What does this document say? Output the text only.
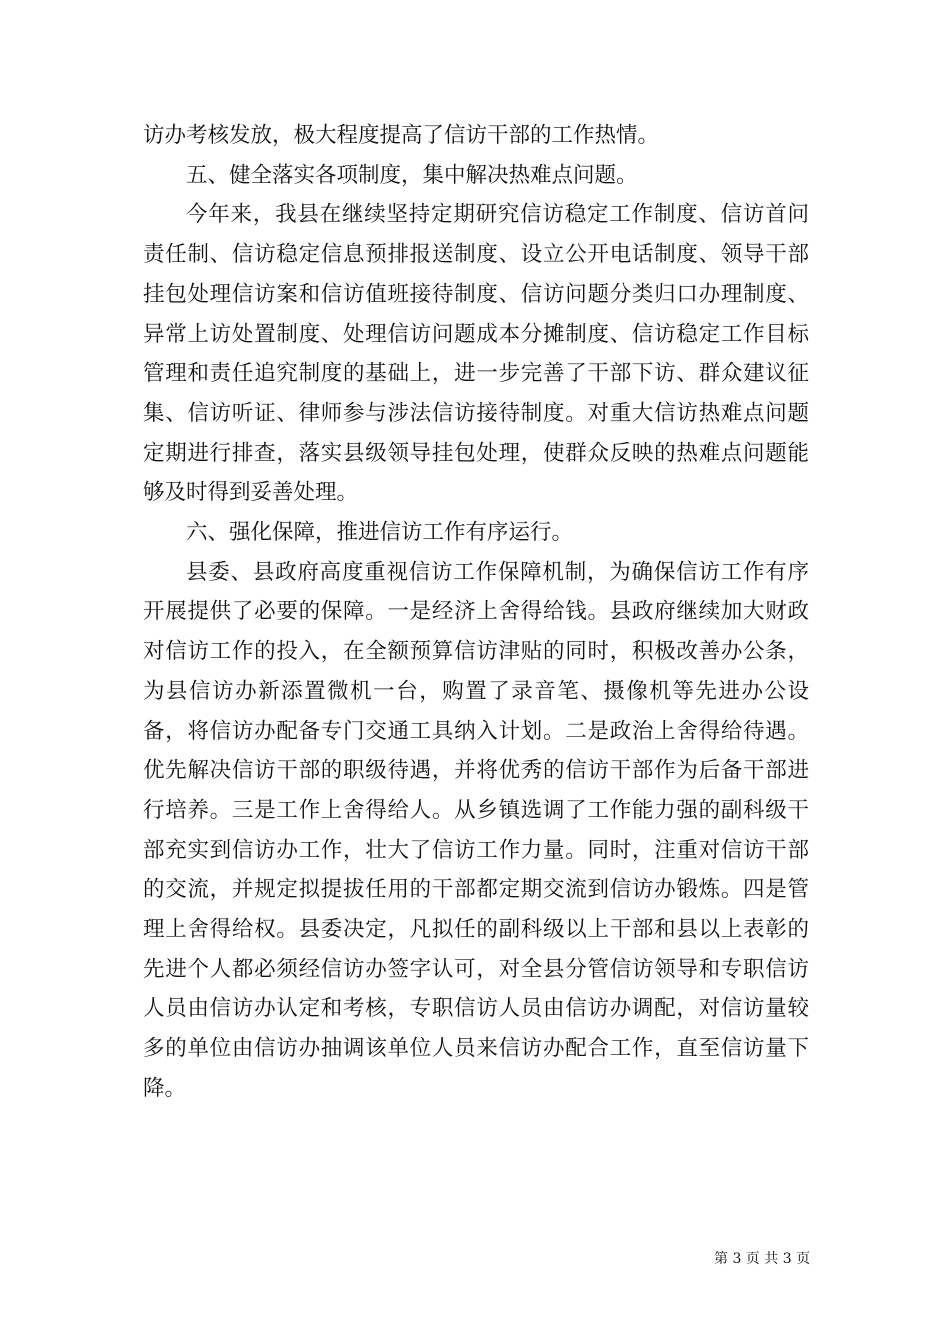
访办考核发放，极大程度提高了信访干部的工作热情。

五、健全落实各项制度，集中解决热难点问题。

今年来，我县在继续坚持定期研究信访稳定工作制度、信访首问责任制、信访稳定信息预排报送制度、设立公开电话制度、领导干部挂包处理信访案和信访值班接待制度、信访问题分类归口办理制度、异常上访处置制度、处理信访问题成本分摊制度、信访稳定工作目标管理和责任追究制度的基础上，进一步完善了干部下访、群众建议征集、信访听证、律师参与涉法信访接待制度。对重大信访热难点问题定期进行排查，落实县级领导挂包处理，使群众反映的热难点问题能够及时得到妥善处理。

六、强化保障，推进信访工作有序运行。

县委、县政府高度重视信访工作保障机制，为确保信访工作有序开展提供了必要的保障。一是经济上舍得给钱。县政府继续加大财政对信访工作的投入，在全额预算信访津贴的同时，积极改善办公条，为县信访办新添置微机一台，购置了录音笔、摄像机等先进办公设备，将信访办配备专门交通工具纳入计划。二是政治上舍得给待遇。优先解决信访干部的职级待遇，并将优秀的信访干部作为后备干部进行培养。三是工作上舍得给人。从乡镇选调了工作能力强的副科级干部充实到信访办工作，壮大了信访工作力量。同时，注重对信访干部的交流，并规定拟提拔任用的干部都定期交流到信访办锻炼。四是管理上舍得给权。县委决定，凡拟任的副科级以上干部和县以上表彰的先进个人都必须经信访办签字认可，对全县分管信访领导和专职信访人员由信访办认定和考核，专职信访人员由信访办调配，对信访量较多的单位由信访办抽调该单位人员来信访办配合工作，直至信访量下降。

第 3 页 共 3 页
